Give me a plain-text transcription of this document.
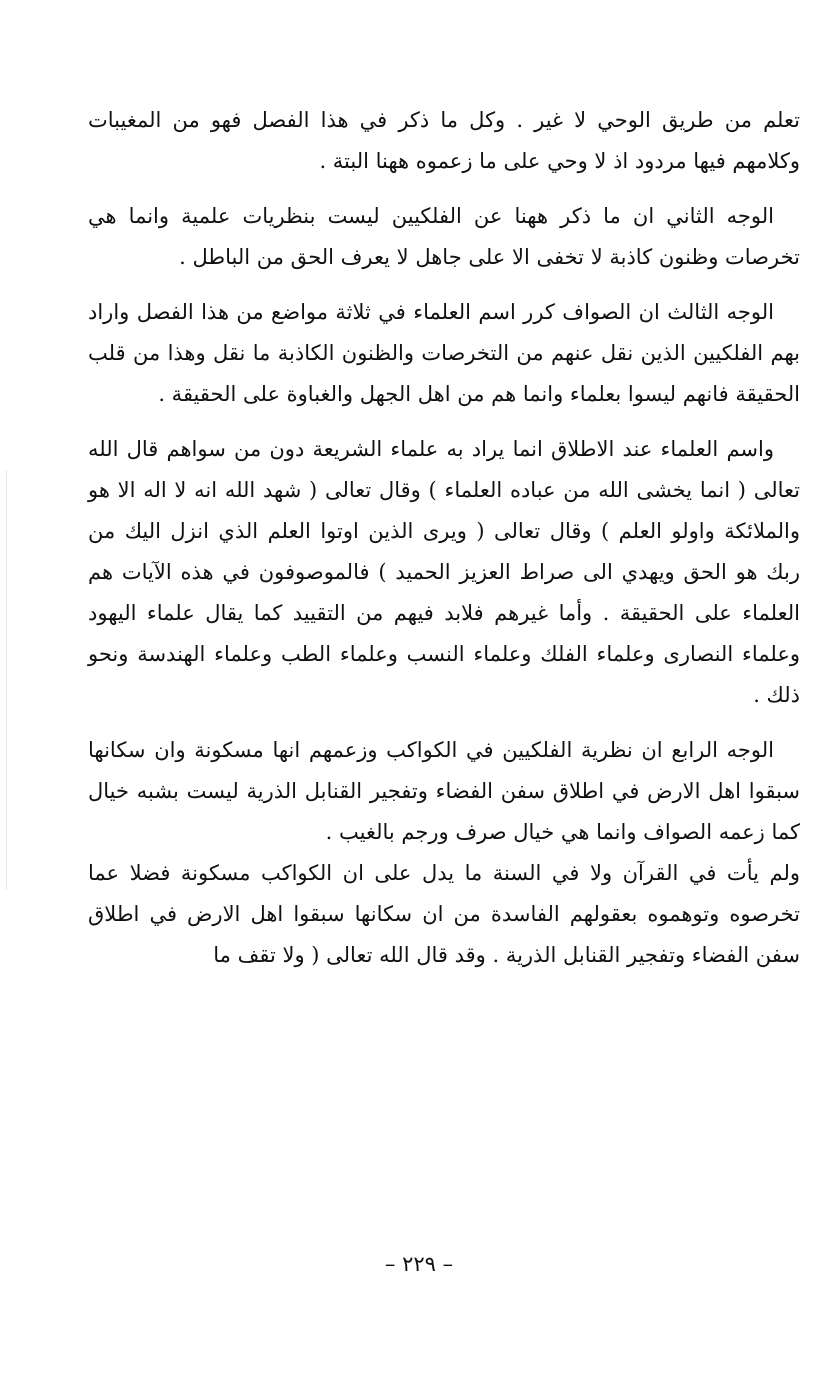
تعلم من طريق الوحي لا غير . وكل ما ذكر في هذا الفصل فهو من المغيبات وكلامهم فيها مردود اذ لا وحي على ما زعموه ههنا البتة .

الوجه الثاني ان ما ذكر ههنا عن الفلكيين ليست بنظريات علمية وانما هي تخرصات وظنون كاذبة لا تخفى الا على جاهل لا يعرف الحق من الباطل .

الوجه الثالث ان الصواف كرر اسم العلماء في ثلاثة مواضع من هذا الفصل واراد بهم الفلكيين الذين نقل عنهم من التخرصات والظنون الكاذبة ما نقل وهذا من قلب الحقيقة فانهم ليسوا بعلماء وانما هم من اهل الجهل والغباوة على الحقيقة .

واسم العلماء عند الاطلاق انما يراد به علماء الشريعة دون من سواهم قال الله تعالى ( انما يخشى الله من عباده العلماء ) وقال تعالى ( شهد الله انه لا اله الا هو والملائكة واولو العلم ) وقال تعالى ( ويرى الذين اوتوا العلم الذي انزل اليك من ربك هو الحق ويهدي الى صراط العزيز الحميد ) فالموصوفون في هذه الآيات هم العلماء على الحقيقة . وأما غيرهم فلابد فيهم من التقييد كما يقال علماء اليهود وعلماء النصارى وعلماء الفلك وعلماء النسب وعلماء الطب وعلماء الهندسة ونحو ذلك .

الوجه الرابع ان نظرية الفلكيين في الكواكب وزعمهم انها مسكونة وان سكانها سبقوا اهل الارض في اطلاق سفن الفضاء وتفجير القنابل الذرية ليست بشبه خيال كما زعمه الصواف وانما هي خيال صرف ورجم بالغيب .

ولم يأت في القرآن ولا في السنة ما يدل على ان الكواكب مسكونة فضلا عما تخرصوه وتوهموه بعقولهم الفاسدة من ان سكانها سبقوا اهل الارض في اطلاق سفن الفضاء وتفجير القنابل الذرية . وقد قال الله تعالى ( ولا تقف ما

– ٢٢٩ –
